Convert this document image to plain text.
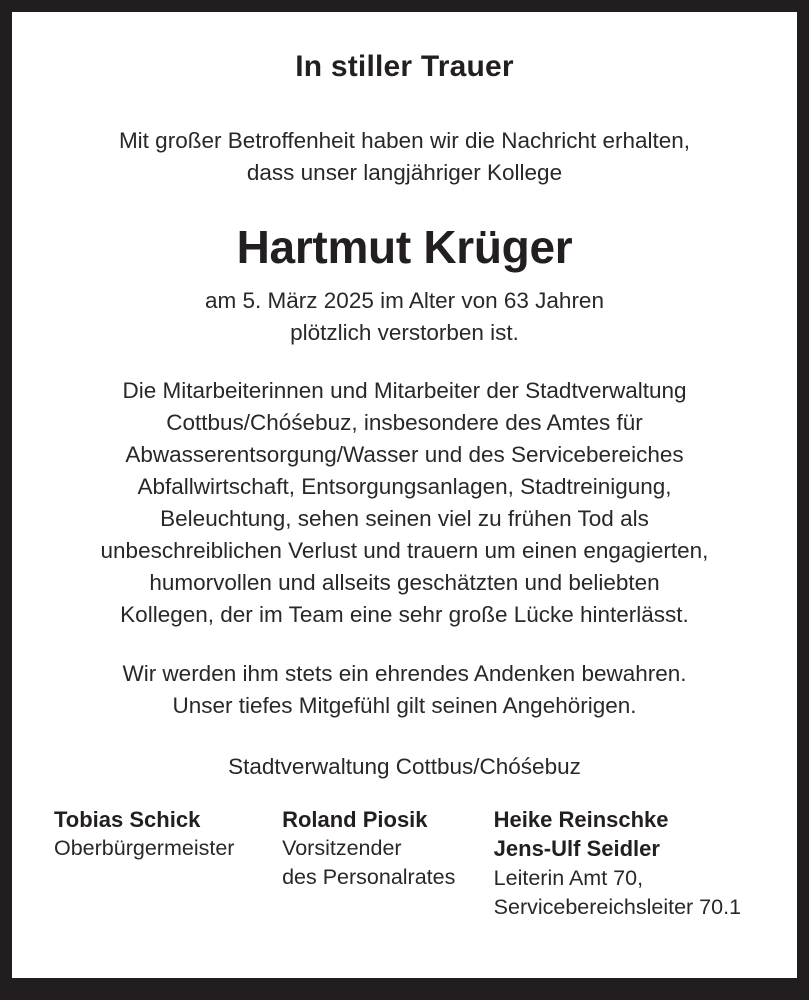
In stiller Trauer

Mit großer Betroffenheit haben wir die Nachricht erhalten,
dass unser langjähriger Kollege

Hartmut Krüger

am 5. März 2025 im Alter von 63 Jahren
plötzlich verstorben ist.

Die Mitarbeiterinnen und Mitarbeiter der Stadtverwaltung
Cottbus/Chóśebuz, insbesondere des Amtes für
Abwasserentsorgung/Wasser und des Servicebereiches
Abfallwirtschaft, Entsorgungsanlagen, Stadtreinigung,
Beleuchtung, sehen seinen viel zu frühen Tod als
unbeschreiblichen Verlust und trauern um einen engagierten,
humorvollen und allseits geschätzten und beliebten
Kollegen, der im Team eine sehr große Lücke hinterlässt.

Wir werden ihm stets ein ehrendes Andenken bewahren.
Unser tiefes Mitgefühl gilt seinen Angehörigen.

Stadtverwaltung Cottbus/Chóśebuz

Tobias Schick
Oberbürgermeister
Roland Piosik
Vorsitzender
des Personalrates
Heike Reinschke
Jens-Ulf Seidler
Leiterin Amt 70,
Servicebereichsleiter 70.1
